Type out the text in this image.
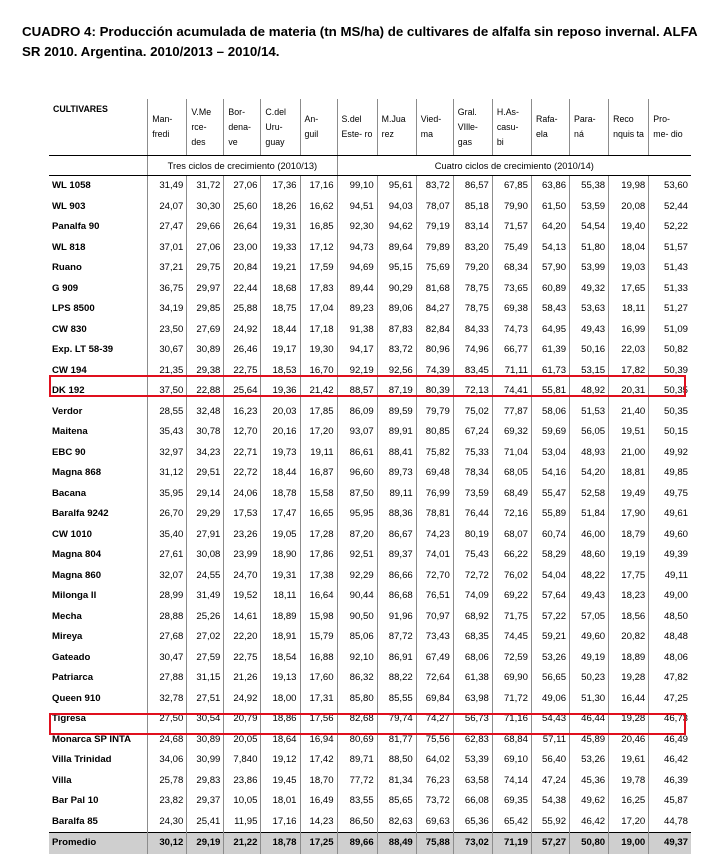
CUADRO 4: Producción acumulada de materia (tn MS/ha) de cultivares de alfalfa sin reposo invernal. ALFA SR 2010. Argentina. 2010/2013 – 2010/14.
CULTIVARES	Man- fredi	V.Me rce- des	Bor- dena- ve	C.del Uru- guay	An- guil	S.del Este- ro	M.Jua rez	Vied- ma	Gral. VIlle- gas	H.As- casu- bi	Rafa- ela	Para- ná	Reco nquis ta	Pro- me- dio
	Tres ciclos de crecimiento (2010/13)					Cuatro ciclos de crecimiento (2010/14)								
WL 1058	31,49	31,72	27,06	17,36	17,16	99,10	95,61	83,72	86,57	67,85	63,86	55,38	19,98	53,60
WL 903	24,07	30,30	25,60	18,26	16,62	94,51	94,03	78,07	85,18	79,90	61,50	53,59	20,08	52,44
Panalfa 90	27,47	29,66	26,64	19,31	16,85	92,30	94,62	79,19	83,14	71,57	64,20	54,54	19,40	52,22
WL 818	37,01	27,06	23,00	19,33	17,12	94,73	89,64	79,89	83,20	75,49	54,13	51,80	18,04	51,57
Ruano	37,21	29,75	20,84	19,21	17,59	94,69	95,15	75,69	79,20	68,34	57,90	53,99	19,03	51,43
G 909	36,75	29,97	22,44	18,68	17,83	89,44	90,29	81,68	78,75	73,65	60,89	49,32	17,65	51,33
LPS 8500	34,19	29,85	25,88	18,75	17,04	89,23	89,06	84,27	78,75	69,38	58,43	53,63	18,11	51,27
CW 830	23,50	27,69	24,92	18,44	17,18	91,38	87,83	82,84	84,33	74,73	64,95	49,43	16,99	51,09
Exp. LT 58-39	30,67	30,89	26,46	19,17	19,30	94,17	83,72	80,96	74,96	66,77	61,39	50,16	22,03	50,82
CW 194	21,35	29,38	22,75	18,53	16,70	92,19	92,56	74,39	83,45	71,11	61,73	53,15	17,82	50,39
DK 192	37,50	22,88	25,64	19,36	21,42	88,57	87,19	80,39	72,13	74,41	55,81	48,92	20,31	50,35
Verdor	28,55	32,48	16,23	20,03	17,85	86,09	89,59	79,79	75,02	77,87	58,06	51,53	21,40	50,35
Maitena	35,43	30,78	12,70	20,16	17,20	93,07	89,91	80,85	67,24	69,32	59,69	56,05	19,51	50,15
EBC 90	32,97	34,23	22,71	19,73	19,11	86,61	88,41	75,82	75,33	71,04	53,04	48,93	21,00	49,92
Magna 868	31,12	29,51	22,72	18,44	16,87	96,60	89,73	69,48	78,34	68,05	54,16	54,20	18,81	49,85
Bacana	35,95	29,14	24,06	18,78	15,58	87,50	89,11	76,99	73,59	68,49	55,47	52,58	19,49	49,75
Baralfa 9242	26,70	29,29	17,53	17,47	16,65	95,95	88,36	78,81	76,44	72,16	55,89	51,84	17,90	49,61
CW 1010	35,40	27,91	23,26	19,05	17,28	87,20	86,67	74,23	80,19	68,07	60,74	46,00	18,79	49,60
Magna 804	27,61	30,08	23,99	18,90	17,86	92,51	89,37	74,01	75,43	66,22	58,29	48,60	19,19	49,39
Magna 860	32,07	24,55	24,70	19,31	17,38	92,29	86,66	72,70	72,72	76,02	54,04	48,22	17,75	49,11
Milonga II	28,99	31,49	19,52	18,11	16,64	90,44	86,68	76,51	74,09	69,22	57,64	49,43	18,23	49,00
Mecha	28,88	25,26	14,61	18,89	15,98	90,50	91,96	70,97	68,92	71,75	57,22	57,05	18,56	48,50
Mireya	27,68	27,02	22,20	18,91	15,79	85,06	87,72	73,43	68,35	74,45	59,21	49,60	20,82	48,48
Gateado	30,47	27,59	22,75	18,54	16,88	92,10	86,91	67,49	68,06	72,59	53,26	49,19	18,89	48,06
Patriarca	27,88	31,15	21,26	19,13	17,60	86,32	88,22	72,64	61,38	69,90	56,65	50,23	19,28	47,82
Queen 910	32,78	27,51	24,92	18,00	17,31	85,80	85,55	69,84	63,98	71,72	49,06	51,30	16,44	47,25
Tigresa	27,50	30,54	20,79	18,86	17,56	82,68	79,74	74,27	56,73	71,16	54,43	46,44	19,28	46,73
Monarca SP INTA	24,68	30,89	20,05	18,64	16,94	80,69	81,77	75,56	62,83	68,84	57,11	45,89	20,46	46,49
Villa Trinidad	34,06	30,99	7,840	19,12	17,42	89,71	88,50	64,02	53,39	69,10	56,40	53,26	19,61	46,42
Villa	25,78	29,83	23,86	19,45	18,70	77,72	81,34	76,23	63,58	74,14	47,24	45,36	19,78	46,39
Bar Pal 10	23,82	29,37	10,05	18,01	16,49	83,55	85,65	73,72	66,08	69,35	54,38	49,62	16,25	45,87
Baralfa 85	24,30	25,41	11,95	17,16	14,23	86,50	82,63	69,63	65,36	65,42	55,92	46,42	17,20	44,78
Promedio	30,12	29,19	21,22	18,78	17,25	89,66	88,49	75,88	73,02	71,19	57,27	50,80	19,00	49,37
